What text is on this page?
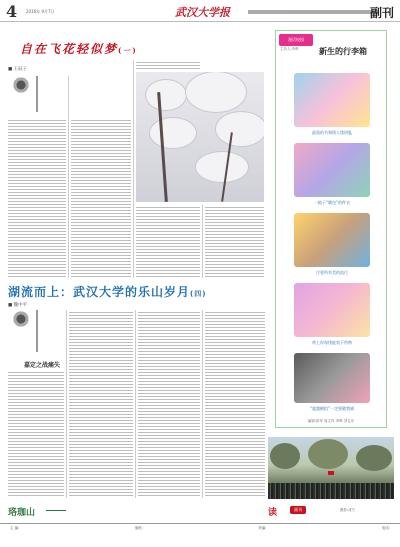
4 2016年 9月7日	武汉大学报	副刊
自在飞花轻似梦(一)
■ 王辰子
漫话校园
主持人:李晔	新生的行李箱
最需的书和情人缘钥匙
一箱子“暖包”的件衣
讨要所有美的流行
带上你每钱能装下所物
“超越模拟”一定要随我铺
编辑:彭军 周文祥 李晔 刘礼东
湖流而上：武汉大学的乐山岁月(四)
■ 魏中平
嘉定之战痛失
珞珈山	读	副刊	摄影:成方
主 编:	值班:	责编:	电话:
